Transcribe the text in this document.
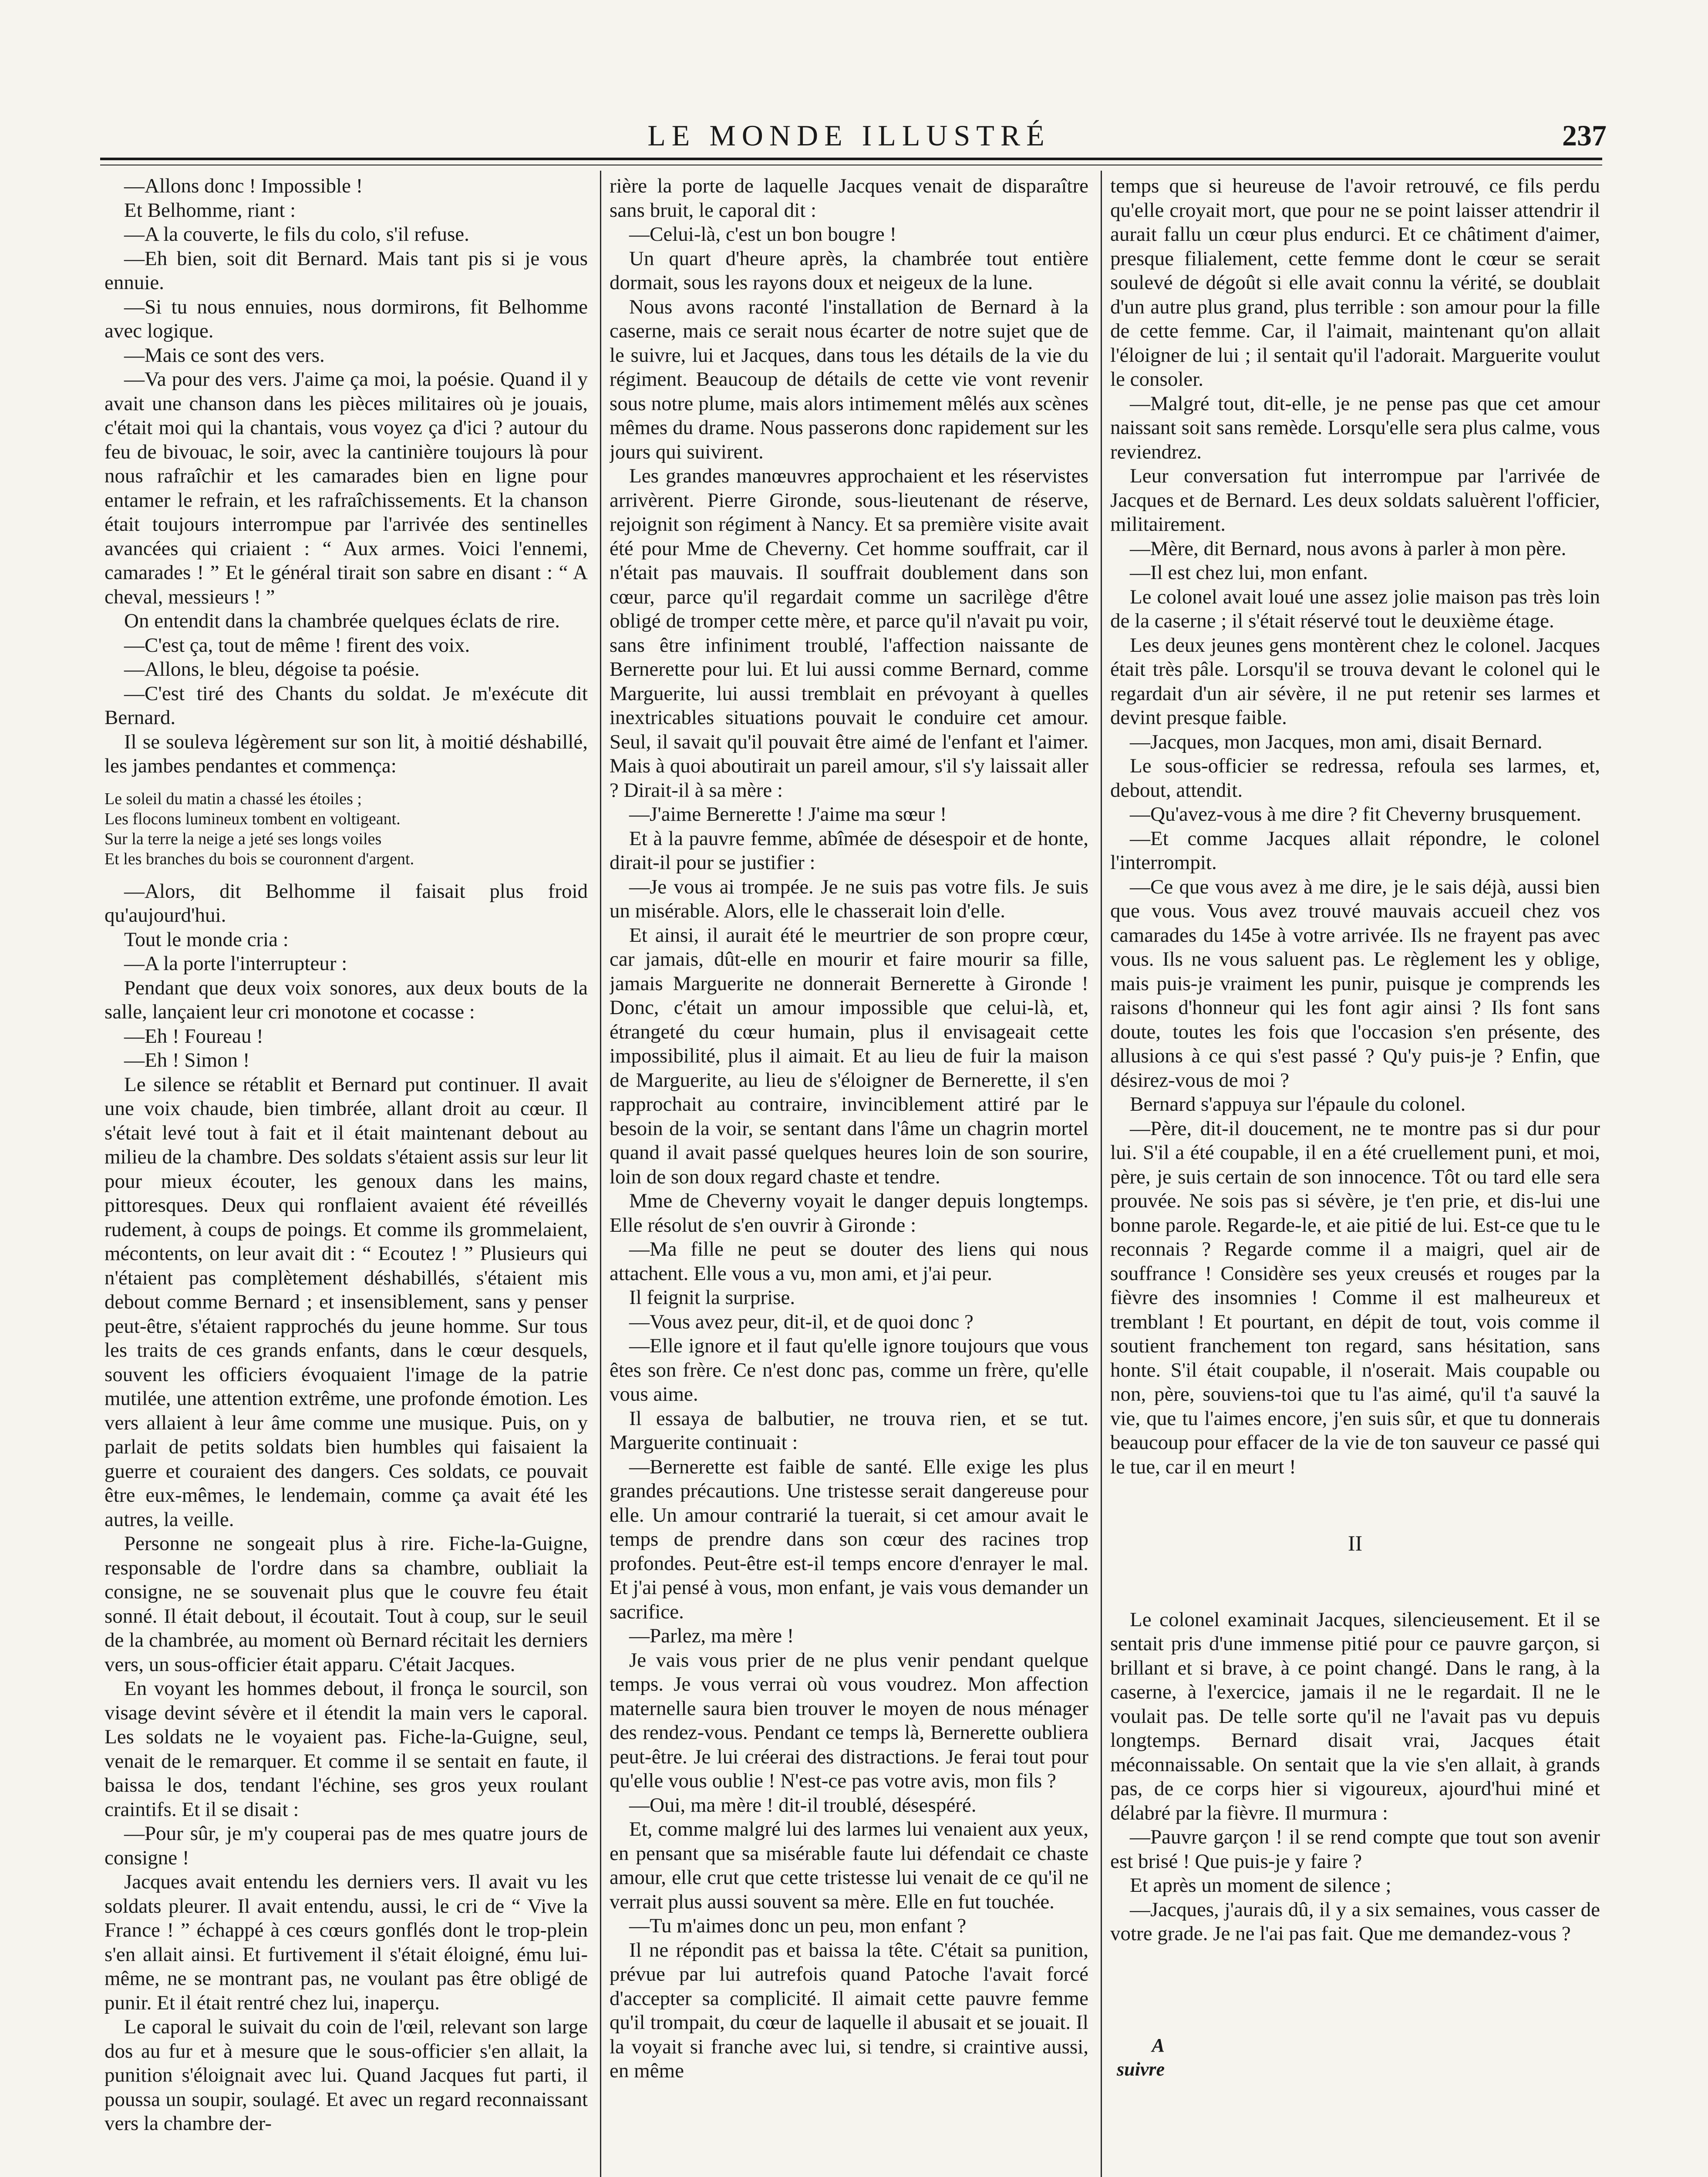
LE MONDE ILLUSTRÉ	237

—Allons donc ! Impossible !

Et Belhomme, riant :

—A la couverte, le fils du colo, s'il refuse.

—Eh bien, soit dit Bernard. Mais tant pis si je vous ennuie.

—Si tu nous ennuies, nous dormirons, fit Belhomme avec logique.

—Mais ce sont des vers.

—Va pour des vers. J'aime ça moi, la poésie. Quand il y avait une chanson dans les pièces militaires où je jouais, c'était moi qui la chantais, vous voyez ça d'ici ? autour du feu de bivouac, le soir, avec la cantinière toujours là pour nous rafraîchir et les camarades bien en ligne pour entamer le refrain, et les rafraîchissements. Et la chanson était toujours interrompue par l'arrivée des sentinelles avancées qui criaient : “ Aux armes. Voici l'ennemi, camarades ! ” Et le général tirait son sabre en disant : “ A cheval, messieurs ! ”

On entendit dans la chambrée quelques éclats de rire.

—C'est ça, tout de même ! firent des voix.

—Allons, le bleu, dégoise ta poésie.

—C'est tiré des Chants du soldat. Je m'exécute dit Bernard.

Il se souleva légèrement sur son lit, à moitié déshabillé, les jambes pendantes et commença:

Le soleil du matin a chassé les étoiles ;
Les flocons lumineux tombent en voltigeant.
Sur la terre la neige a jeté ses longs voiles
Et les branches du bois se couronnent d'argent.

—Alors, dit Belhomme il faisait plus froid qu'aujourd'hui.

Tout le monde cria :

—A la porte l'interrupteur :

Pendant que deux voix sonores, aux deux bouts de la salle, lançaient leur cri monotone et cocasse :

—Eh ! Foureau !

—Eh ! Simon !

Le silence se rétablit et Bernard put continuer. Il avait une voix chaude, bien timbrée, allant droit au cœur. Il s'était levé tout à fait et il était maintenant debout au milieu de la chambre. Des soldats s'étaient assis sur leur lit pour mieux écouter, les genoux dans les mains, pittoresques. Deux qui ronflaient avaient été réveillés rudement, à coups de poings. Et comme ils grommelaient, mécontents, on leur avait dit : “ Ecoutez ! ” Plusieurs qui n'étaient pas complètement déshabillés, s'étaient mis debout comme Bernard ; et insensiblement, sans y penser peut-être, s'étaient rapprochés du jeune homme. Sur tous les traits de ces grands enfants, dans le cœur desquels, souvent les officiers évoquaient l'image de la patrie mutilée, une attention extrême, une profonde émotion. Les vers allaient à leur âme comme une musique. Puis, on y parlait de petits soldats bien humbles qui faisaient la guerre et couraient des dangers. Ces soldats, ce pouvait être eux-mêmes, le lendemain, comme ça avait été les autres, la veille.

Personne ne songeait plus à rire. Fiche-la-Guigne, responsable de l'ordre dans sa chambre, oubliait la consigne, ne se souvenait plus que le couvre feu était sonné. Il était debout, il écoutait. Tout à coup, sur le seuil de la chambrée, au moment où Bernard récitait les derniers vers, un sous-officier était apparu. C'était Jacques.

En voyant les hommes debout, il fronça le sourcil, son visage devint sévère et il étendit la main vers le caporal. Les soldats ne le voyaient pas. Fiche-la-Guigne, seul, venait de le remarquer. Et comme il se sentait en faute, il baissa le dos, tendant l'échine, ses gros yeux roulant craintifs. Et il se disait :

—Pour sûr, je m'y couperai pas de mes quatre jours de consigne !

Jacques avait entendu les derniers vers. Il avait vu les soldats pleurer. Il avait entendu, aussi, le cri de “ Vive la France ! ” échappé à ces cœurs gonflés dont le trop-plein s'en allait ainsi. Et furtivement il s'était éloigné, ému lui-même, ne se montrant pas, ne voulant pas être obligé de punir. Et il était rentré chez lui, inaperçu.

Le caporal le suivait du coin de l'œil, relevant son large dos au fur et à mesure que le sous-officier s'en allait, la punition s'éloignait avec lui. Quand Jacques fut parti, il poussa un soupir, soulagé. Et avec un regard reconnaissant vers la chambre der-

rière la porte de laquelle Jacques venait de disparaître sans bruit, le caporal dit :

—Celui-là, c'est un bon bougre !

Un quart d'heure après, la chambrée tout entière dormait, sous les rayons doux et neigeux de la lune.

Nous avons raconté l'installation de Bernard à la caserne, mais ce serait nous écarter de notre sujet que de le suivre, lui et Jacques, dans tous les détails de la vie du régiment. Beaucoup de détails de cette vie vont revenir sous notre plume, mais alors intimement mêlés aux scènes mêmes du drame. Nous passerons donc rapidement sur les jours qui suivirent.

Les grandes manœuvres approchaient et les réservistes arrivèrent. Pierre Gironde, sous-lieutenant de réserve, rejoignit son régiment à Nancy. Et sa première visite avait été pour Mme de Cheverny. Cet homme souffrait, car il n'était pas mauvais. Il souffrait doublement dans son cœur, parce qu'il regardait comme un sacrilège d'être obligé de tromper cette mère, et parce qu'il n'avait pu voir, sans être infiniment troublé, l'affection naissante de Bernerette pour lui. Et lui aussi comme Bernard, comme Marguerite, lui aussi tremblait en prévoyant à quelles inextricables situations pouvait le conduire cet amour. Seul, il savait qu'il pouvait être aimé de l'enfant et l'aimer. Mais à quoi aboutirait un pareil amour, s'il s'y laissait aller ? Dirait-il à sa mère :

—J'aime Bernerette ! J'aime ma sœur !

Et à la pauvre femme, abîmée de désespoir et de honte, dirait-il pour se justifier :

—Je vous ai trompée. Je ne suis pas votre fils. Je suis un misérable. Alors, elle le chasserait loin d'elle.

Et ainsi, il aurait été le meurtrier de son propre cœur, car jamais, dût-elle en mourir et faire mourir sa fille, jamais Marguerite ne donnerait Bernerette à Gironde ! Donc, c'était un amour impossible que celui-là, et, étrangeté du cœur humain, plus il envisageait cette impossibilité, plus il aimait. Et au lieu de fuir la maison de Marguerite, au lieu de s'éloigner de Bernerette, il s'en rapprochait au contraire, invinciblement attiré par le besoin de la voir, se sentant dans l'âme un chagrin mortel quand il avait passé quelques heures loin de son sourire, loin de son doux regard chaste et tendre.

Mme de Cheverny voyait le danger depuis longtemps. Elle résolut de s'en ouvrir à Gironde :

—Ma fille ne peut se douter des liens qui nous attachent. Elle vous a vu, mon ami, et j'ai peur.

Il feignit la surprise.

—Vous avez peur, dit-il, et de quoi donc ?

—Elle ignore et il faut qu'elle ignore toujours que vous êtes son frère. Ce n'est donc pas, comme un frère, qu'elle vous aime.

Il essaya de balbutier, ne trouva rien, et se tut. Marguerite continuait :

—Bernerette est faible de santé. Elle exige les plus grandes précautions. Une tristesse serait dangereuse pour elle. Un amour contrarié la tuerait, si cet amour avait le temps de prendre dans son cœur des racines trop profondes. Peut-être est-il temps encore d'enrayer le mal. Et j'ai pensé à vous, mon enfant, je vais vous demander un sacrifice.

—Parlez, ma mère !

Je vais vous prier de ne plus venir pendant quelque temps. Je vous verrai où vous voudrez. Mon affection maternelle saura bien trouver le moyen de nous ménager des rendez-vous. Pendant ce temps là, Bernerette oubliera peut-être. Je lui créerai des distractions. Je ferai tout pour qu'elle vous oublie ! N'est-ce pas votre avis, mon fils ?

—Oui, ma mère ! dit-il troublé, désespéré.

Et, comme malgré lui des larmes lui venaient aux yeux, en pensant que sa misérable faute lui défendait ce chaste amour, elle crut que cette tristesse lui venait de ce qu'il ne verrait plus aussi souvent sa mère. Elle en fut touchée.

—Tu m'aimes donc un peu, mon enfant ?

Il ne répondit pas et baissa la tête. C'était sa punition, prévue par lui autrefois quand Patoche l'avait forcé d'accepter sa complicité. Il aimait cette pauvre femme qu'il trompait, du cœur de laquelle il abusait et se jouait. Il la voyait si franche avec lui, si tendre, si craintive aussi, en même

temps que si heureuse de l'avoir retrouvé, ce fils perdu qu'elle croyait mort, que pour ne se point laisser attendrir il aurait fallu un cœur plus endurci. Et ce châtiment d'aimer, presque filialement, cette femme dont le cœur se serait soulevé de dégoût si elle avait connu la vérité, se doublait d'un autre plus grand, plus terrible : son amour pour la fille de cette femme. Car, il l'aimait, maintenant qu'on allait l'éloigner de lui ; il sentait qu'il l'adorait. Marguerite voulut le consoler.

—Malgré tout, dit-elle, je ne pense pas que cet amour naissant soit sans remède. Lorsqu'elle sera plus calme, vous reviendrez.

Leur conversation fut interrompue par l'arrivée de Jacques et de Bernard. Les deux soldats saluèrent l'officier, militairement.

—Mère, dit Bernard, nous avons à parler à mon père.

—Il est chez lui, mon enfant.

Le colonel avait loué une assez jolie maison pas très loin de la caserne ; il s'était réservé tout le deuxième étage.

Les deux jeunes gens montèrent chez le colonel. Jacques était très pâle. Lorsqu'il se trouva devant le colonel qui le regardait d'un air sévère, il ne put retenir ses larmes et devint presque faible.

—Jacques, mon Jacques, mon ami, disait Bernard.

Le sous-officier se redressa, refoula ses larmes, et, debout, attendit.

—Qu'avez-vous à me dire ? fit Cheverny brusquement.

—Et comme Jacques allait répondre, le colonel l'interrompit.

—Ce que vous avez à me dire, je le sais déjà, aussi bien que vous. Vous avez trouvé mauvais accueil chez vos camarades du 145e à votre arrivée. Ils ne frayent pas avec vous. Ils ne vous saluent pas. Le règlement les y oblige, mais puis-je vraiment les punir, puisque je comprends les raisons d'honneur qui les font agir ainsi ? Ils font sans doute, toutes les fois que l'occasion s'en présente, des allusions à ce qui s'est passé ? Qu'y puis-je ? Enfin, que désirez-vous de moi ?

Bernard s'appuya sur l'épaule du colonel.

—Père, dit-il doucement, ne te montre pas si dur pour lui. S'il a été coupable, il en a été cruellement puni, et moi, père, je suis certain de son innocence. Tôt ou tard elle sera prouvée. Ne sois pas si sévère, je t'en prie, et dis-lui une bonne parole. Regarde-le, et aie pitié de lui. Est-ce que tu le reconnais ? Regarde comme il a maigri, quel air de souffrance ! Considère ses yeux creusés et rouges par la fièvre des insomnies ! Comme il est malheureux et tremblant ! Et pourtant, en dépit de tout, vois comme il soutient franchement ton regard, sans hésitation, sans honte. S'il était coupable, il n'oserait. Mais coupable ou non, père, souviens-toi que tu l'as aimé, qu'il t'a sauvé la vie, que tu l'aimes encore, j'en suis sûr, et que tu donnerais beaucoup pour effacer de la vie de ton sauveur ce passé qui le tue, car il en meurt !

II

Le colonel examinait Jacques, silencieusement. Et il se sentait pris d'une immense pitié pour ce pauvre garçon, si brillant et si brave, à ce point changé. Dans le rang, à la caserne, à l'exercice, jamais il ne le regardait. Il ne le voulait pas. De telle sorte qu'il ne l'avait pas vu depuis longtemps. Bernard disait vrai, Jacques était méconnaissable. On sentait que la vie s'en allait, à grands pas, de ce corps hier si vigoureux, ajourd'hui miné et délabré par la fièvre. Il murmura :

—Pauvre garçon ! il se rend compte que tout son avenir est brisé ! Que puis-je y faire ?

Et après un moment de silence ;

—Jacques, j'aurais dû, il y a six semaines, vous casser de votre grade. Je ne l'ai pas fait. Que me demandez-vous ?

A suivre
